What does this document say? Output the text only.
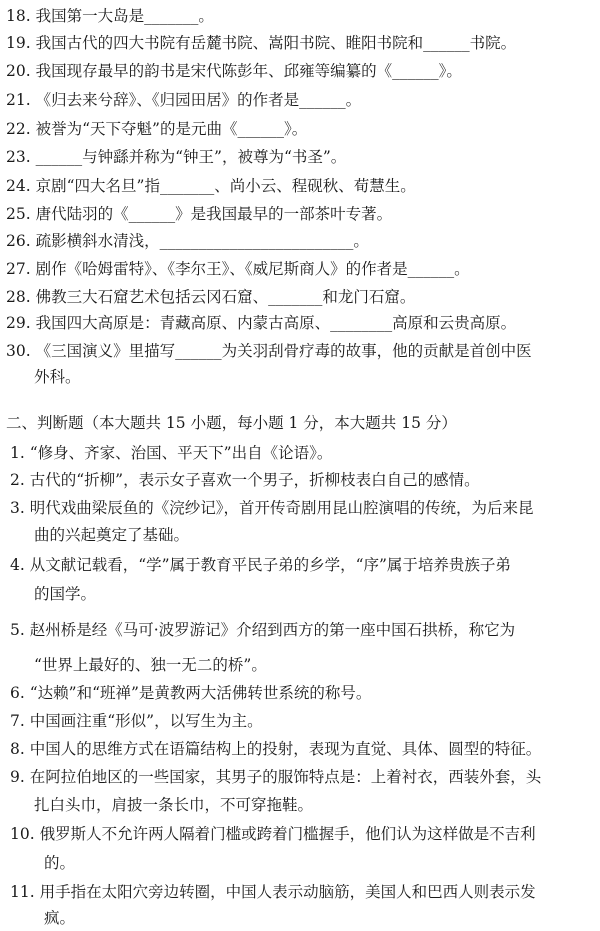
18. 我国第一大岛是_______。
19. 我国古代的四大书院有岳麓书院、嵩阳书院、睢阳书院和______书院。
20. 我国现存最早的韵书是宋代陈彭年、邱雍等编纂的《______》。
21. 《归去来兮辞》、《归园田居》的作者是______。
22. 被誉为“天下夺魁”的是元曲《______》。
23. ______与钟繇并称为“钟王”，被尊为“书圣”。
24. 京剧“四大名旦”指_______、尚小云、程砚秋、荀慧生。
25. 唐代陆羽的《______》是我国最早的一部茶叶专著。
26. 疏影横斜水清浅，_________________________。
27. 剧作《哈姆雷特》、《李尔王》、《威尼斯商人》的作者是______。
28. 佛教三大石窟艺术包括云冈石窟、_______和龙门石窟。
29. 我国四大高原是：青藏高原、内蒙古高原、________高原和云贵高原。
30. 《三国演义》里描写______为关羽刮骨疗毒的故事，他的贡献是首创中医
外科。
二、判断题（本大题共 15 小题，每小题 1 分，本大题共 15 分）
1. “修身、齐家、治国、平天下”出自《论语》。
2. 古代的“折柳”，表示女子喜欢一个男子，折柳枝表白自己的感情。
3. 明代戏曲梁辰鱼的《浣纱记》，首开传奇剧用昆山腔演唱的传统，为后来昆
曲的兴起奠定了基础。
4. 从文献记载看，“学”属于教育平民子弟的乡学，“序”属于培养贵族子弟
的国学。
5. 赵州桥是经《马可·波罗游记》介绍到西方的第一座中国石拱桥，称它为
“世界上最好的、独一无二的桥”。
6. “达赖”和“班禅”是黄教两大活佛转世系统的称号。
7. 中国画注重“形似”，以写生为主。
8. 中国人的思维方式在语篇结构上的投射，表现为直觉、具体、圆型的特征。
9. 在阿拉伯地区的一些国家，其男子的服饰特点是：上着衬衣，西装外套，头
扎白头巾，肩披一条长巾，不可穿拖鞋。
10. 俄罗斯人不允许两人隔着门槛或跨着门槛握手，他们认为这样做是不吉利
的。
11. 用手指在太阳穴旁边转圈，中国人表示动脑筋，美国人和巴西人则表示发
疯。
